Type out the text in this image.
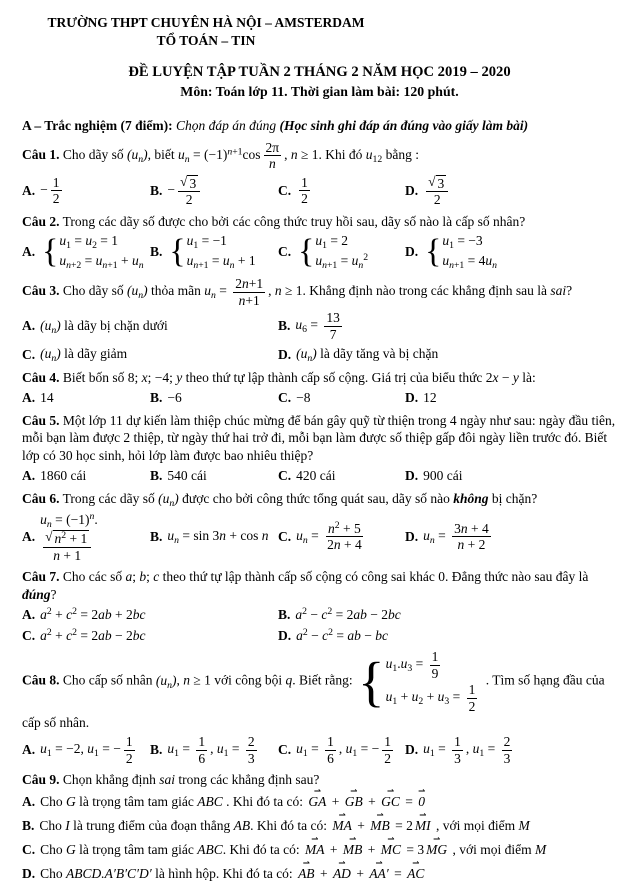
TRƯỜNG THPT CHUYÊN HÀ NỘI – AMSTERDAM
TỔ TOÁN – TIN
ĐỀ LUYỆN TẬP TUẦN 2 THÁNG 2 NĂM HỌC 2019 – 2020
Môn: Toán lớp 11. Thời gian làm bài: 120 phút.
A – Trắc nghiệm (7 điểm): Chọn đáp án đúng (Học sinh ghi đáp án đúng vào giấy làm bài)
Câu 1. Cho dãy số $(u_n)$, biết $u_n = (-1)^{n+1}\cos \frac{2\pi}{n}$ , n ≥ 1. Khi đó $u_{12}$ bằng :
A. − $\frac{1}{2}$	B. − $\frac{√ 3}{2}$	C. $\frac{1}{2}$	D. $\frac{√ 3}{2}$
Câu 2. Trong các dãy số được cho bởi các công thức truy hồi sau, dãy số nào là cấp số nhân?
A. { $u_1 = u_2 = 1$
$u_{n+2} = u_{n+1} + u_n$
B. { $u_1 = -1$
$u_{n+1} = u_n + 1$
C. { $u_1 = 2$
$u_{n+1} = u_n^2$	D. { $u_1 = -3$
$u_{n+1} = 4u_n$
Câu 3. Cho dãy số $(u_n)$ thỏa mãn $u_n = \frac{2n+1}{n+1}$ , n ≥ 1. Khẳng định nào trong các khẳng định sau là sai?
A. $(u_n)$ là dãy bị chặn dưới	B. $u_6 = \frac{13}{7}$
C. $(u_n)$ là dãy giảm	D. $(u_n)$ là dãy tăng và bị chặn
Câu 4. Biết bốn số 8; x; −4; y theo thứ tự lập thành cấp số cộng. Giá trị của biểu thức 2x − y là:
A. 14	B. −6	C. −8	D. 12
Câu 5. Một lớp 11 dự kiến làm thiệp chúc mừng để bán gây quỹ từ thiện trong 4 ngày như sau: ngày đầu tiên, mỗi bạn làm được 2 thiệp, từ ngày thứ hai trở đi, mỗi bạn làm được số thiệp gấp đôi ngày liền trước đó. Biết lớp có 30 học sinh, hỏi lớp làm được bao nhiêu thiệp?
A. 1860 cái	B. 540 cái	C. 420 cái	D. 900 cái
Câu 6. Trong các dãy số $(u_n)$ được cho bởi công thức tổng quát sau, dãy số nào không bị chặn?
A.
$u_n = (-1)^n$.
$\frac{√ n^2 + 1}{n + 1}$	B. $u_n = \sin 3n + \cos n$ C. $u_n = \frac{n^2 + 5}{2n + 4}$	D. $u_n = \frac{3n + 4}{n + 2}$
Câu 7. Cho các số a; b; c theo thứ tự lập thành cấp số cộng có công sai khác 0. Đẳng thức nào sau đây là đúng?
A. $a^2 + c^2 = 2ab + 2bc$	B. $a^2 - c^2 = 2ab - 2bc$
C. $a^2 + c^2 = 2ab - 2bc$	D. $a^2 - c^2$ = ab − bc
Câu 8. Cho cấp số nhân $(u_n)$, n ≥ 1 với công bội q. Biết rằng: { $u_1.u_3 = \frac{1}{9}$
$u_1 + u_2 + u_3 = \frac{1}{2}$
. Tìm số hạng đầu của cấp số nhân.
A. $u_1 = -2$, $u_1$ = − $\frac{1}{2} B$. $u_1 = \frac{1}{6}$ , $u_1 = \frac{2}{3} C$. $u_1 = \frac{1}{6}$ , $u_1$ = − $\frac{1}{2} D$. $u_1 = \frac{1}{3}$ , $u_1 = \frac{2}{3}$
Câu 9. Chọn khẳng định sai trong các khẳng định sau?
A. Cho G là trọng tâm tam giác ABC . Khi đó ta có: GA ⇀ + GB ⇀ + GC ⇀ = 0 ⇀
B. Cho I là trung điểm của đoạn thẳng AB. Khi đó ta có: MA ⇀ + MB ⇀ = 2 MI ⇀ , với mọi điểm M
C. Cho G là trọng tâm tam giác ABC. Khi đó ta có: MA ⇀ + MB ⇀ + MC ⇀ = 3 MG ⇀ , với mọi điểm M
D. Cho ABCD.A′B′C′D′ là hình hộp. Khi đó ta có: AB ⇀ + AD ⇀ + AA′ ⇀ = AC ⇀
